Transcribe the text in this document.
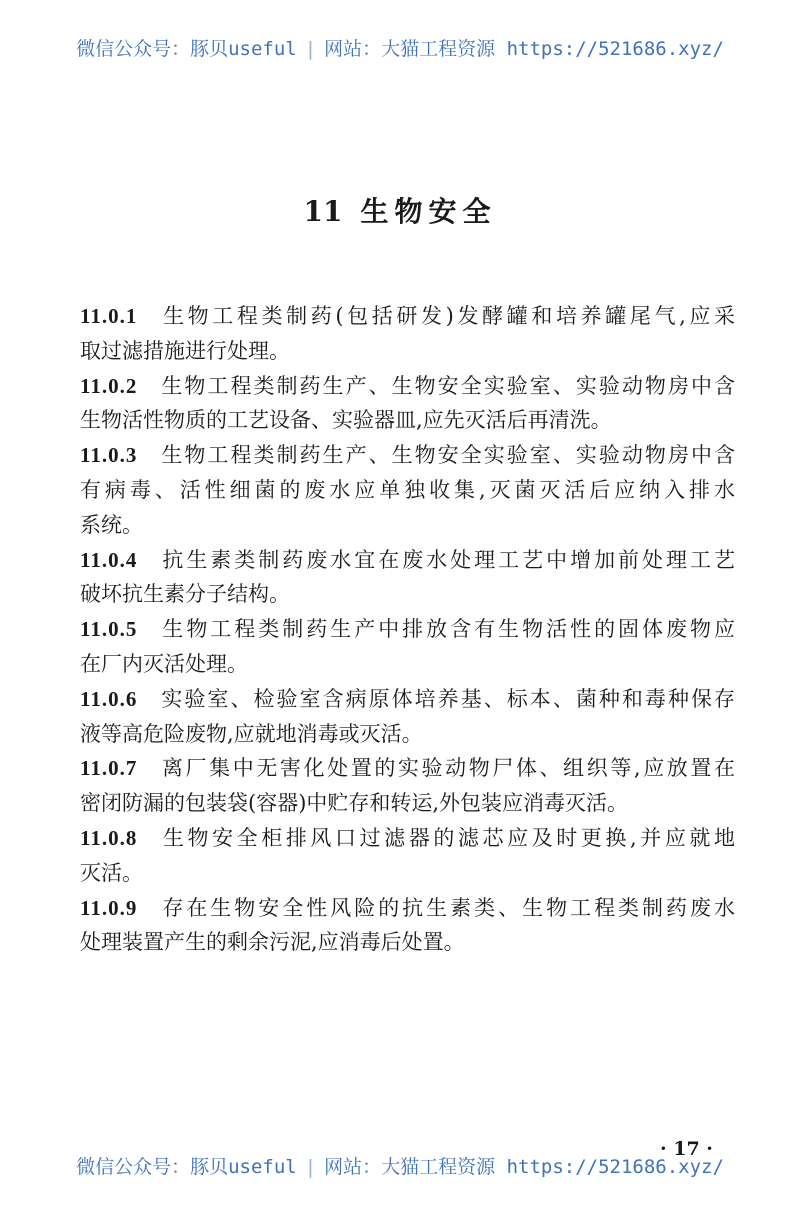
微信公众号：豚贝useful | 网站：大猫工程资源 https://521686.xyz/
11 生物安全
11.0.1 生物工程类制药(包括研发)发酵罐和培养罐尾气,应采
取过滤措施进行处理。
11.0.2 生物工程类制药生产、生物安全实验室、实验动物房中含
生物活性物质的工艺设备、实验器皿,应先灭活后再清洗。
11.0.3 生物工程类制药生产、生物安全实验室、实验动物房中含
有病毒、活性细菌的废水应单独收集,灭菌灭活后应纳入排水
系统。
11.0.4 抗生素类制药废水宜在废水处理工艺中增加前处理工艺
破坏抗生素分子结构。
11.0.5 生物工程类制药生产中排放含有生物活性的固体废物应
在厂内灭活处理。
11.0.6 实验室、检验室含病原体培养基、标本、菌种和毒种保存
液等高危险废物,应就地消毒或灭活。
11.0.7 离厂集中无害化处置的实验动物尸体、组织等,应放置在
密闭防漏的包装袋(容器)中贮存和转运,外包装应消毒灭活。
11.0.8 生物安全柜排风口过滤器的滤芯应及时更换,并应就地
灭活。
11.0.9 存在生物安全性风险的抗生素类、生物工程类制药废水
处理装置产生的剩余污泥,应消毒后处置。
· 17 ·
微信公众号：豚贝useful | 网站：大猫工程资源 https://521686.xyz/
